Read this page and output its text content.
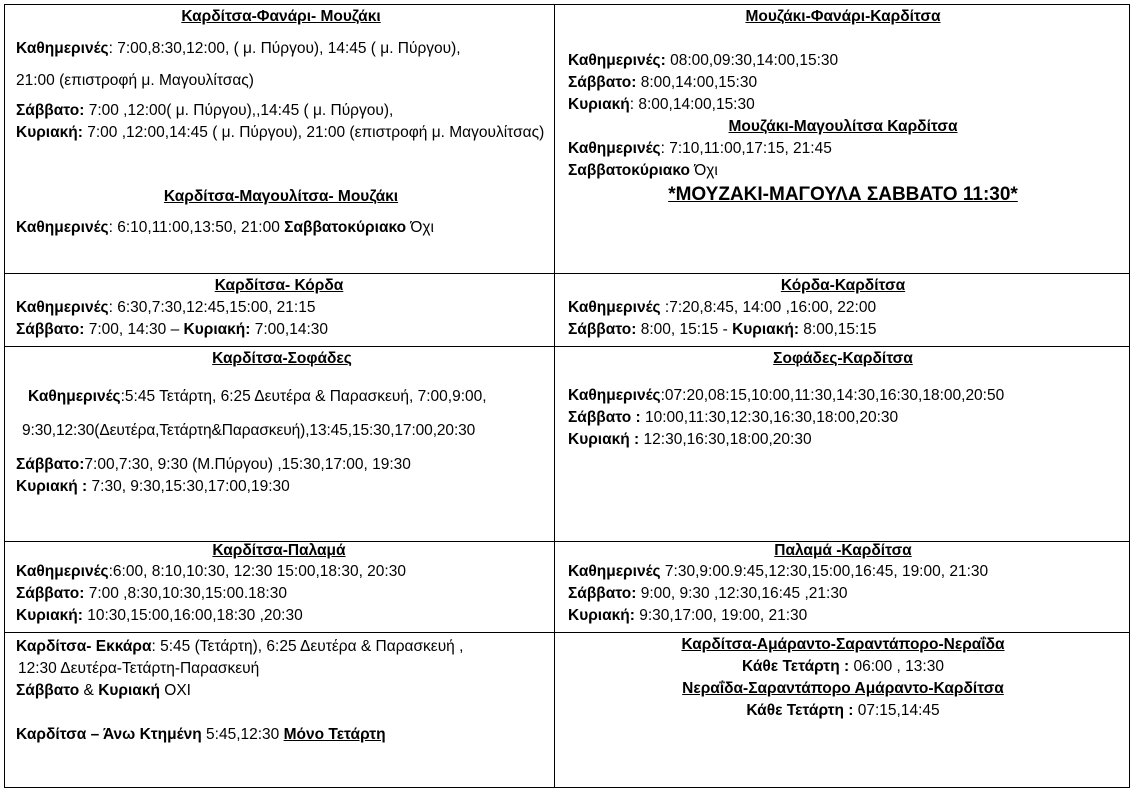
Καρδίτσα-Φανάρι- Μουζάκι

Καθημερινές: 7:00,8:30,12:00, ( μ. Πύργου), 14:45 ( μ. Πύργου),

21:00 (επιστροφή μ. Μαγουλίτσας)

Σάββατο: 7:00 ,12:00( μ. Πύργου),,14:45 ( μ. Πύργου),

Κυριακή: 7:00 ,12:00,14:45 ( μ. Πύργου), 21:00 (επιστροφή μ. Μαγουλίτσας)

Καρδίτσα-Μαγουλίτσα- Μουζάκι

Καθημερινές: 6:10,11:00,13:50, 21:00 Σαββατοκύριακο Όχι

Καρδίτσα- Κόρδα

Καθημερινές: 6:30,7:30,12:45,15:00, 21:15

Σάββατο: 7:00, 14:30 – Κυριακή: 7:00,14:30

Καρδίτσα-Σοφάδες

Καθημερινές:5:45 Τετάρτη, 6:25 Δευτέρα & Παρασκευή, 7:00,9:00,

9:30,12:30(Δευτέρα,Τετάρτη&Παρασκευή),13:45,15:30,17:00,20:30

Σάββατο:7:00,7:30, 9:30 (Μ.Πύργου) ,15:30,17:00, 19:30

Κυριακή : 7:30, 9:30,15:30,17:00,19:30

Καρδίτσα-Παλαμά

Καθημερινές:6:00, 8:10,10:30, 12:30 15:00,18:30, 20:30

Σάββατο: 7:00 ,8:30,10:30,15:00.18:30

Κυριακή: 10:30,15:00,16:00,18:30 ,20:30

Καρδίτσα- Εκκάρα: 5:45 (Τετάρτη), 6:25 Δευτέρα & Παρασκευή ,

12:30 Δευτέρα-Τετάρτη-Παρασκευή

Σάββατο & Κυριακή ΟΧΙ

Καρδίτσα – Άνω Κτημένη 5:45,12:30 Μόνο Τετάρτη

Μουζάκι-Φανάρι-Καρδίτσα

Καθημερινές: 08:00,09:30,14:00,15:30

Σάββατο: 8:00,14:00,15:30

Κυριακή: 8:00,14:00,15:30

Μουζάκι-Μαγουλίτσα Καρδίτσα

Καθημερινές: 7:10,11:00,17:15, 21:45

Σαββατοκύριακο Όχι

*ΜΟΥΖΑΚΙ-ΜΑΓΟΥΛΑ ΣΑΒΒΑΤΟ 11:30*

Κόρδα-Καρδίτσα

Καθημερινές :7:20,8:45, 14:00 ,16:00, 22:00

Σάββατο: 8:00, 15:15 - Κυριακή: 8:00,15:15

Σοφάδες-Καρδίτσα

Καθημερινές:07:20,08:15,10:00,11:30,14:30,16:30,18:00,20:50

Σάββατο : 10:00,11:30,12:30,16:30,18:00,20:30

Κυριακή : 12:30,16:30,18:00,20:30

Παλαμά -Καρδίτσα

Καθημερινές 7:30,9:00.9:45,12:30,15:00,16:45, 19:00, 21:30

Σάββατο: 9:00, 9:30 ,12:30,16:45 ,21:30

Κυριακή: 9:30,17:00, 19:00, 21:30

Καρδίτσα-Αμάραντο-Σαραντάπορο-Νεραΐδα

Κάθε Τετάρτη : 06:00 , 13:30

Νεραΐδα-Σαραντάπορο Αμάραντο-Καρδίτσα

Κάθε Τετάρτη : 07:15,14:45
